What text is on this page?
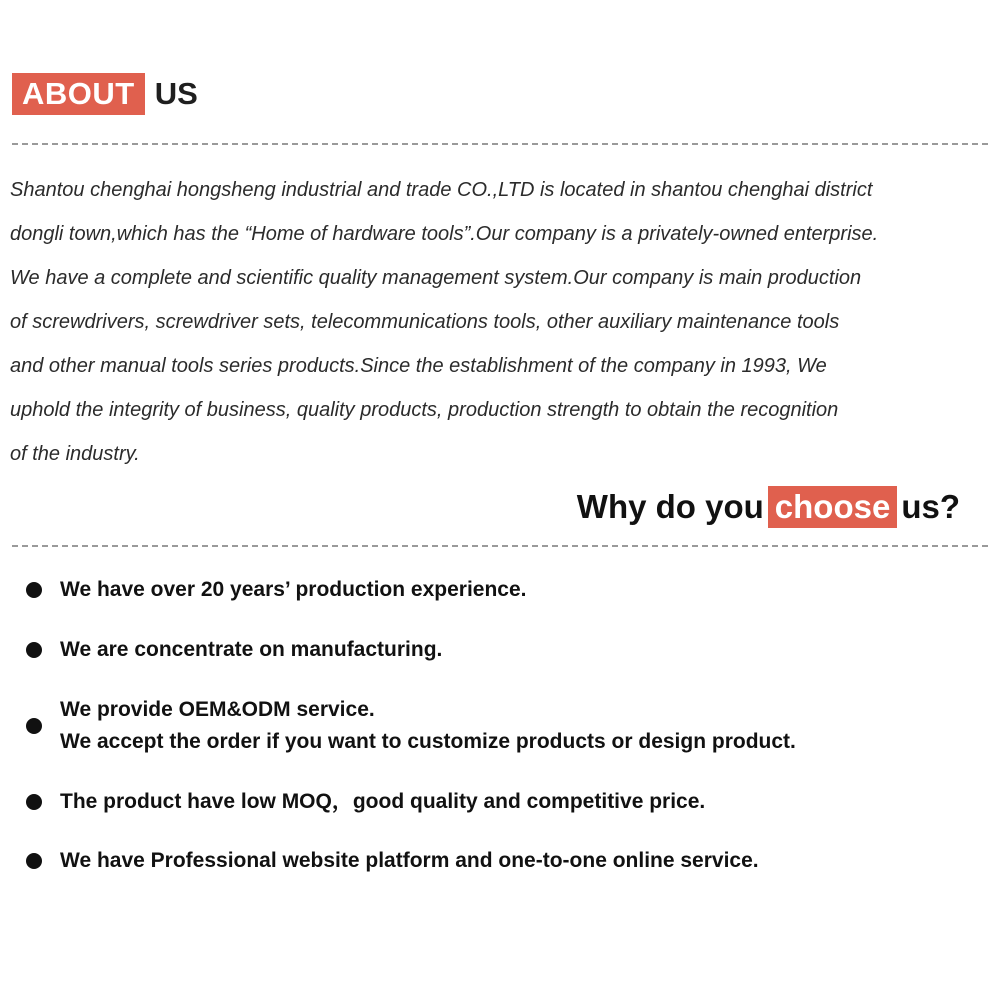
ABOUT US
Shantou chenghai hongsheng industrial and trade CO.,LTD is located in shantou chenghai district
dongli town,which has the “Home of hardware tools”.Our company is a privately-owned enterprise.
We have a complete and scientific quality management system.Our company is main production
of screwdrivers, screwdriver sets, telecommunications tools, other auxiliary maintenance tools
and other manual tools series products.Since the establishment of the company in 1993, We
uphold the integrity of business, quality products, production strength to obtain the recognition
of the industry.
Why do you choose us?
We have over 20 years’ production experience.
We are concentrate on manufacturing.
We provide OEM&ODM service.
We accept the order if you want to customize products or design product.
The product have low MOQ，good quality and competitive price.
We have Professional website platform and one-to-one online service.
